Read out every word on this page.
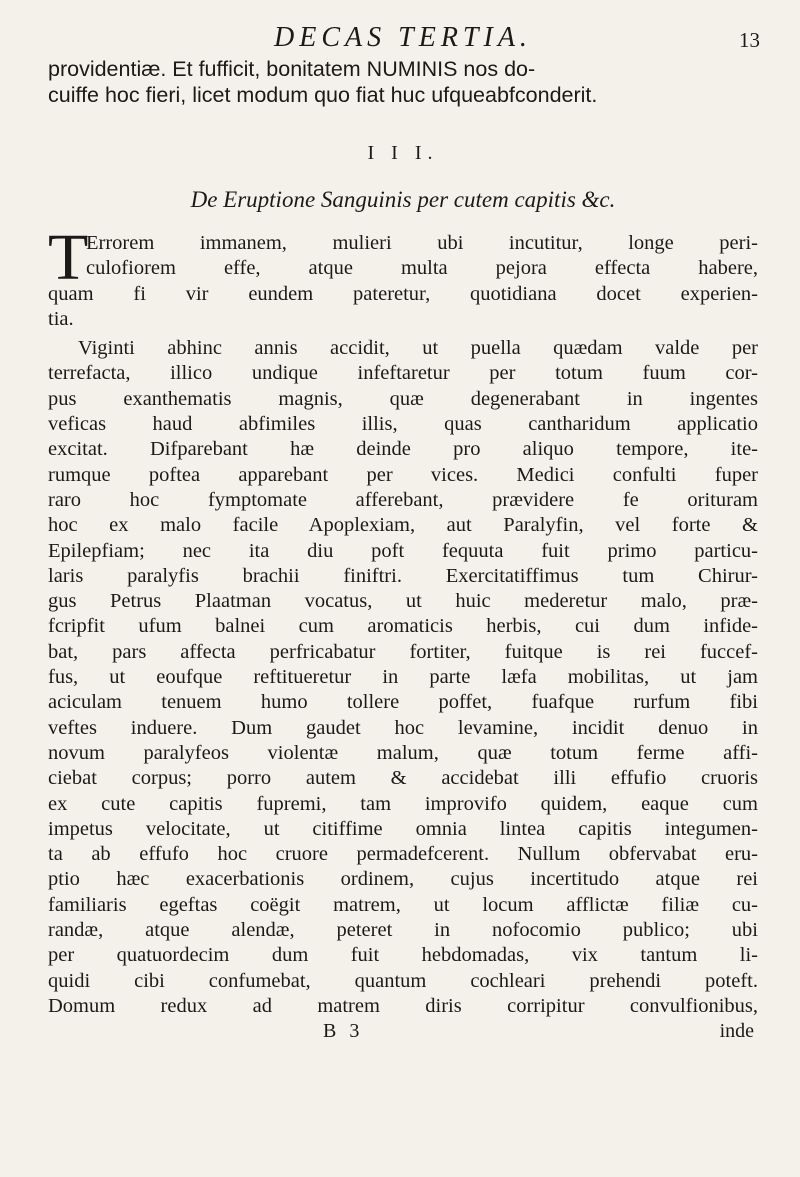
DECAS TERTIA.	13

providentiæ. Et fufficit, bonitatem NUMINIS nos do-
cuiffe hoc fieri, licet modum quo fiat huc ufqueabfconderit.

I I I.
De Eruptione Sanguinis per cutem capitis &c.
T
Errorem immanem, mulieri ubi incutitur, longe peri-
culofiorem effe, atque multa pejora effecta habere,
quam fi vir eundem pateretur, quotidiana docet experien-
tia.
Viginti abhinc annis accidit, ut puella quædam valde per
terrefacta, illico undique infeftaretur per totum fuum cor-
pus exanthematis magnis, quæ degenerabant in ingentes
veficas haud abfimiles illis, quas cantharidum applicatio
excitat. Difparebant hæ deinde pro aliquo tempore, ite-
rumque poftea apparebant per vices. Medici confulti fuper
raro hoc fymptomate afferebant, prævidere fe orituram
hoc ex malo facile Apoplexiam, aut Paralyfin, vel forte &
Epilepfiam; nec ita diu poft fequuta fuit primo particu-
laris paralyfis brachii finiftri. Exercitatiffimus tum Chirur-
gus Petrus Plaatman vocatus, ut huic mederetur malo, præ-
fcripfit ufum balnei cum aromaticis herbis, cui dum infide-
bat, pars affecta perfricabatur fortiter, fuitque is rei fuccef-
fus, ut eoufque reftitueretur in parte læfa mobilitas, ut jam
aciculam tenuem humo tollere poffet, fuafque rurfum fibi
veftes induere. Dum gaudet hoc levamine, incidit denuo in
novum paralyfeos violentæ malum, quæ totum ferme affi-
ciebat corpus; porro autem & accidebat illi effufio cruoris
ex cute capitis fupremi, tam improvifo quidem, eaque cum
impetus velocitate, ut citiffime omnia lintea capitis integumen-
ta ab effufo hoc cruore permadefcerent. Nullum obfervabat eru-
ptio hæc exacerbationis ordinem, cujus incertitudo atque rei
familiaris egeftas coëgit matrem, ut locum afflictæ filiæ cu-
randæ, atque alendæ, peteret in nofocomio publico; ubi
per quatuordecim dum fuit hebdomadas, vix tantum li-
quidi cibi confumebat, quantum cochleari prehendi poteft.
Domum redux ad matrem diris corripitur convulfionibus,
B 3	inde
